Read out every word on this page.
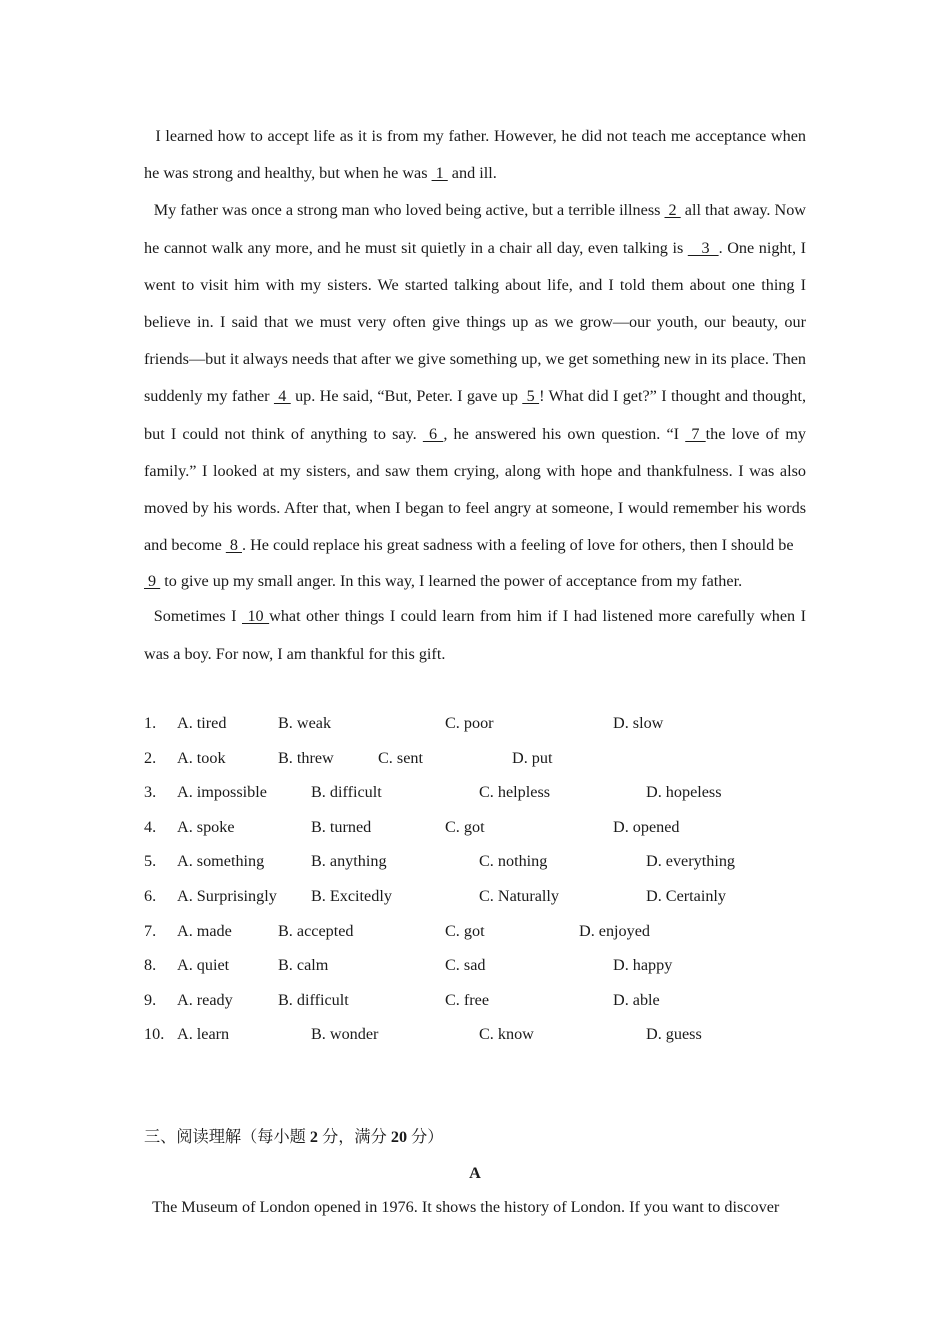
I learned how to accept life as it is from my father. However, he did not teach me acceptance when he was strong and healthy, but when he was  1  and ill.

My father was once a strong man who loved being active, but a terrible illness  2  all that away. Now he cannot walk any more, and he must sit quietly in a chair all day, even talking is    3  . One night, I went to visit him with my sisters. We started talking about life, and I told them about one thing I believe in. I said that we must very often give things up as we grow—our youth, our beauty, our friends—but it always needs that after we give something up, we get something new in its place. Then suddenly my father  4  up. He said, “But, Peter. I gave up  5 ! What did I get?” I thought and thought, but I could not think of anything to say.  6 , he answered his own question. “I  7 the love of my family.” I looked at my sisters, and saw them crying, along with hope and thankfulness. I was also moved by his words. After that, when I began to feel angry at someone, I would remember his words and become  8 . He could replace his great sadness with a feeling of love for others, then I should be

9  to give up my small anger. In this way, I learned the power of acceptance from my father.

Sometimes I  10 what other things I could learn from him if I had listened more carefully when I was a boy. For now, I am thankful for this gift.

1. A. tired	B. weak	C. poor	D. slow
2. A. took	B. threw	C. sent	D. put
3. A. impossible	B. difficult	C. helpless	D. hopeless
4. A. spoke	B. turned	C. got	D. opened
5. A. something	B. anything	C. nothing	D. everything
6. A. Surprisingly B. Excitedly	C. Naturally	D. Certainly
7. A. made	B. accepted	C. got	D. enjoyed
8. A. quiet	B. calm	C. sad	D. happy
9. A. ready	B. difficult	C. free	D. able
10. A. learn	B. wonder	C. know	D. guess
三、阅读理解（每小题 2 分，满分 20 分）
A
The Museum of London opened in 1976. It shows the history of London. If you want to discover
